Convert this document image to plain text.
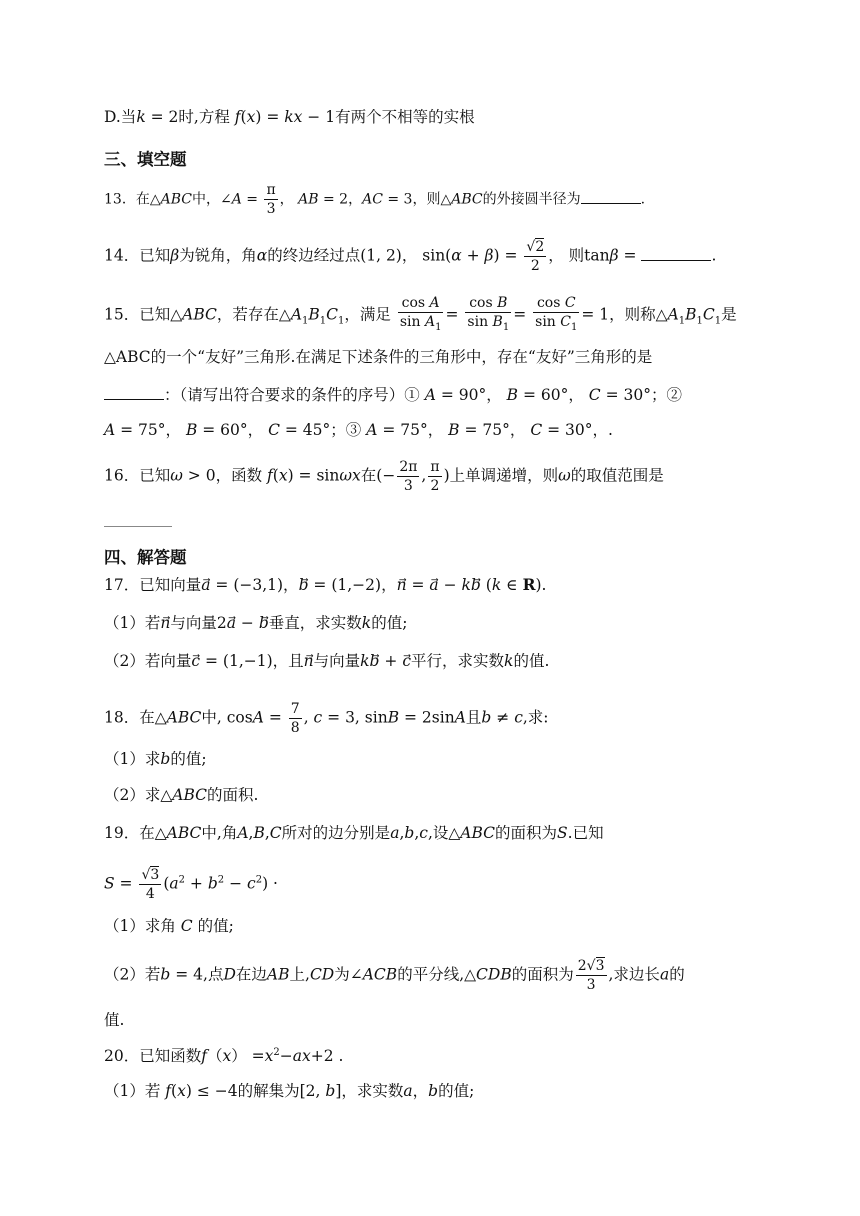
D.当k = 2时,方程 f(x) = kx − 1有两个不相等的实根
三、填空题
13．在△ABC中，∠A = $\frac{\pi}{3}$ ， AB = 2，AC = 3，则△ABC的外接圆半径为	.
14．已知β为锐角，角α的终边经过点(1, 2)， $\sin(\alpha + \beta) = \frac{√2}{2}$ ， 则tanβ =	.
15．已知△ABC，若存在$\triangle A_1B_1C_1$，满足 $\frac{\text{cos A}}{\sin A_1} = \frac{\text{cos B}}{\sin B_1} = \frac{\text{cos C}}{\sin C_1} = 1$，则称$\triangle A_1B_1C_1$是
△ABC的一个“友好”三角形.在满足下述条件的三角形中，存在“友好”三角形的是
：（请写出符合要求的条件的序号）① A = 90°， B = 60°， C = 30°；②
A = 75°， B = 60°， C = 45°；③ A = 75°， B = 75°， C = 30°，.
16．已知ω > 0，函数 f(x) = sinωx在(− $\frac{2\pi}{3}$ , $\frac{\pi}{2}$ )上单调递增，则ω的取值范围是
四、解答题
17．已知向量a⃗ = (−3,1)，b⃗ = (1,−2)，n⃗ = a⃗ − kb⃗ (k ∈ R).
（1）若n⃗与向量2a⃗ − b⃗垂直，求实数k的值;
（2）若向量c⃗ = (1,−1)，且n⃗与向量kb⃗ + c⃗平行，求实数k的值.
18．在△ABC中, $\cos A = \frac{7}{8}$ , c = 3, sinB = 2sinA且b ≠ c,求:
（1）求b的值;
（2）求△ABC的面积.
19．在△ABC中,角A,B,C所对的边分别是a,b,c,设△ABC的面积为S.已知
$S = \frac{√3}{4} (a^2 + b^2 - c^2)$ ·
（1）求角 C 的值;
（2）若b = 4,点D在边AB上,CD为∠ACB的平分线,△CDB的面积为 $\frac{2√3}{3}$ ,求边长a的
值.
20．已知函数$f(x) =x^2-ax+2$ .
（1）若 f(x) ≤ −4的解集为[2, b]，求实数a，b的值;
